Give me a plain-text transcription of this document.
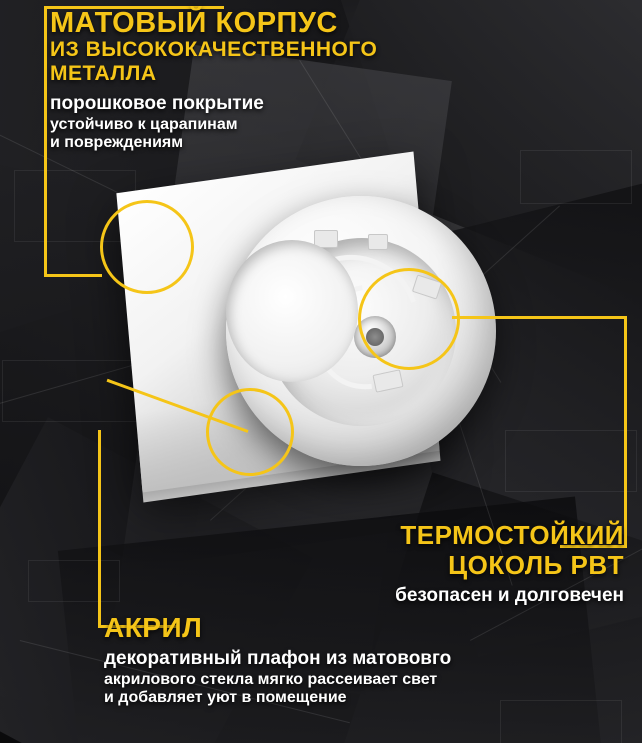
МАТОВЫЙ КОРПУС
ИЗ ВЫСОКОКАЧЕСТВЕННОГО
МЕТАЛЛА
порошковое покрытие
устойчиво к царапинам
и повреждениям
ТЕРМОСТОЙКИЙ
ЦОКОЛЬ PBT
безопасен и долговечен
АКРИЛ
декоративный плафон из матововго
акрилового стекла мягко рассеивает свет
и добавляет уют в помещение
